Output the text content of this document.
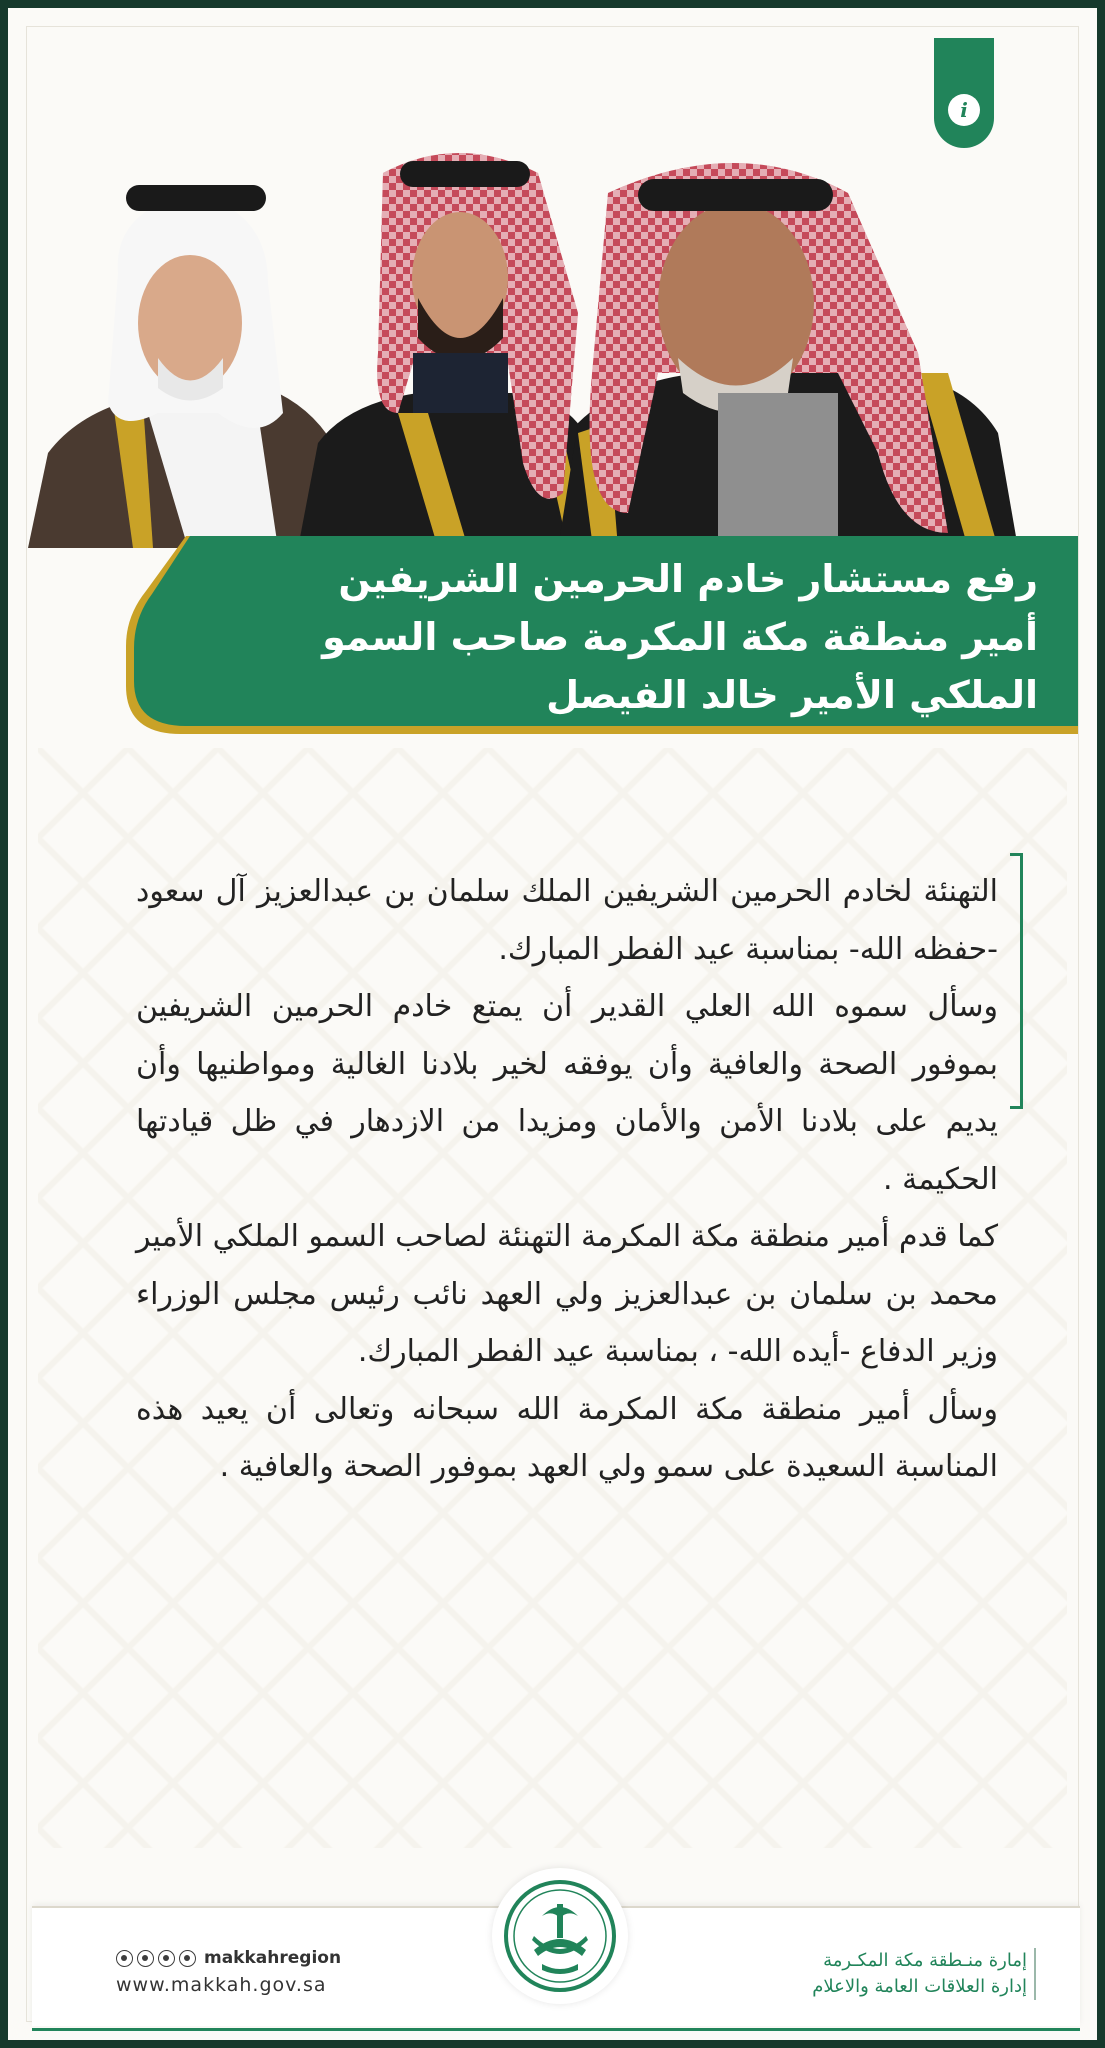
i
رفع مستشار خادم الحرمين الشريفين
أمير منطقة مكة المكرمة صاحب السمو
الملكي الأمير خالد الفيصل

التهنئة لخادم الحرمين الشريفين الملك سلمان بن عبدالعزيز آل سعود -حفظه الله- بمناسبة عيد الفطر المبارك.

وسأل سموه الله العلي القدير أن يمتع خادم الحرمين الشريفين بموفور الصحة والعافية وأن يوفقه لخير بلادنا الغالية ومواطنيها وأن يديم على بلادنا الأمن والأمان ومزيدا من الازدهار في ظل قيادتها الحكيمة .

كما قدم أمير منطقة مكة المكرمة التهنئة لصاحب السمو الملكي الأمير محمد بن سلمان بن عبدالعزيز ولي العهد نائب رئيس مجلس الوزراء وزير الدفاع -أيده الله- ، بمناسبة عيد الفطر المبارك.

وسأل أمير منطقة مكة المكرمة الله سبحانه وتعالى أن يعيد هذه المناسبة السعيدة على سمو ولي العهد بموفور الصحة والعافية .

إمارة منـطقة مكة المكـرمة
إدارة العلاقات العامة والاعلام
makkahregion
www.makkah.gov.sa
